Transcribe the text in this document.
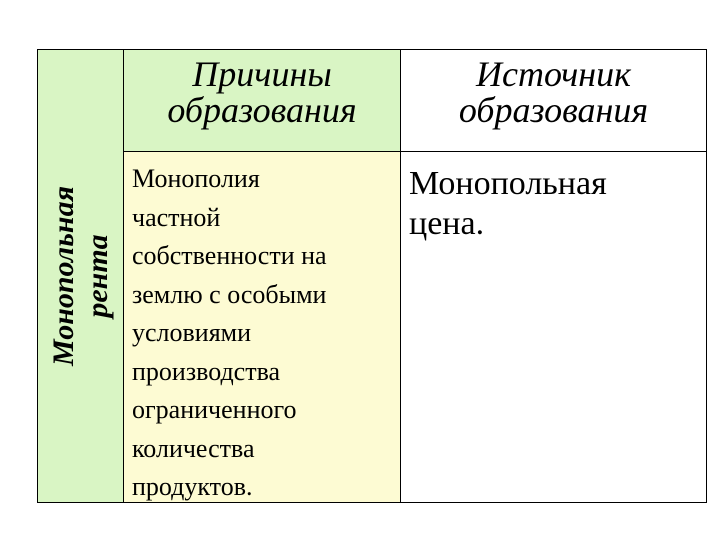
Монопольная
рента
Причины
образования
Источник
образования
Монополия
частной
собственности на
землю с особыми
условиями
производства
ограниченного
количества
продуктов.
Монопольная
цена.
